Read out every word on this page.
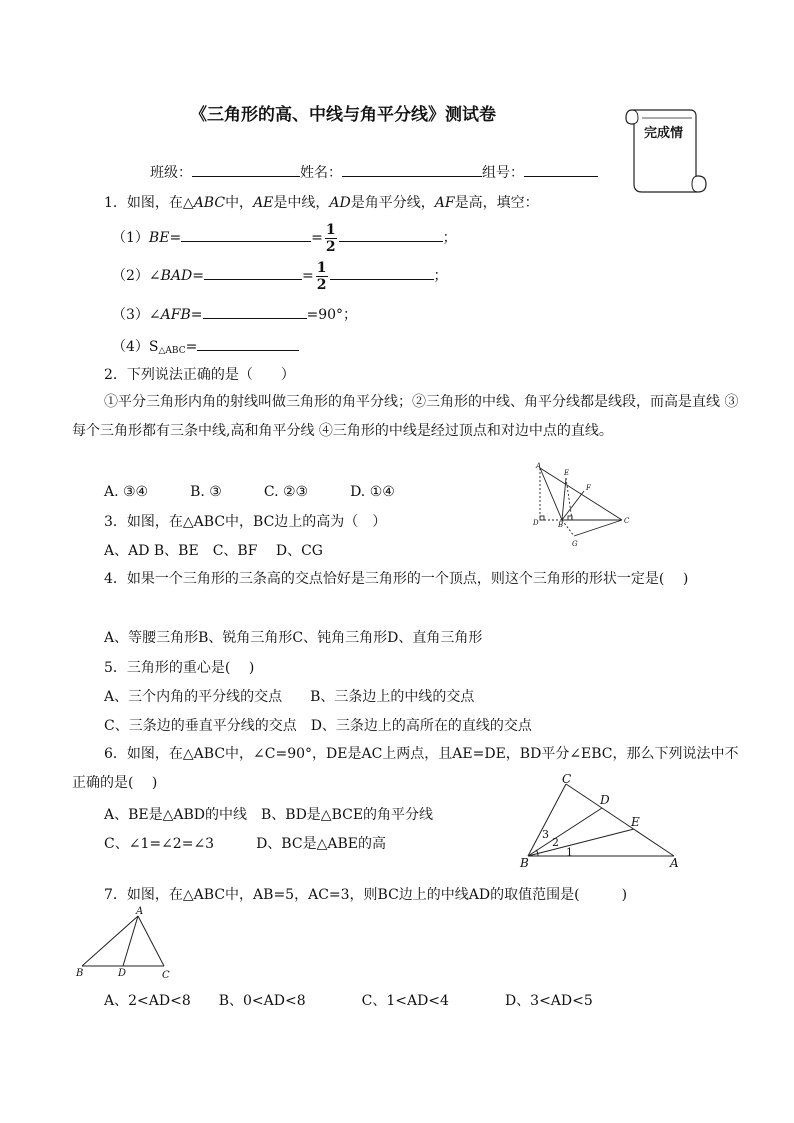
《三角形的高、中线与角平分线》测试卷
完成情
班级：	姓名：	组号：
1．如图，在△ABC中，AE是中线，AD是角平分线，AF是高，填空：
（1）BE=	= $\frac{1}{2}$	；
（2）∠BAD=	= $\frac{1}{2}$	；
（3）∠AFB=	=90°；
$(4)S_{\triangle ABC}=$
2．下列说法正确的是（　　）
①平分三角形内角的射线叫做三角形的角平分线；②三角形的中线、角平分线都是线段，而高是直线 ③每个三角形都有三条中线,高和角平分线 ④三角形的中线是经过顶点和对边中点的直线。
A. ③④　　　B. ③　　　C. ②③　　　D. ①④
A
E
F
D	B	C
G
3．如图，在△ABC中，BC边上的高为（　）
A、AD B、BE　C、BF　 D、CG
4．如果一个三角形的三条高的交点恰好是三角形的一个顶点，则这个三角形的形状一定是(　 )
A、等腰三角形B、锐角三角形C、钝角三角形D、直角三角形
5．三角形的重心是(　 )
A、三个内角的平分线的交点　　B、三条边上的中线的交点
C、三条边的垂直平分线的交点　D、三条边上的高所在的直线的交点
6．如图，在△ABC中，∠C=90°，DE是AC上两点，且AE=DE，BD平分∠EBC，那么下列说法中不正确的是(　 )
A、BE是△ABD的中线　B、BD是△BCE的角平分线
C、∠1=∠2=∠3　　　D、BC是△ABE的高
C
D
E
B	A
1
2
3
7．如图，在△ABC中，AB=5，AC=3，则BC边上的中线AD的取值范围是(　　　)
A
B	D	C
A、2<AD<8　　B、0<AD<8　　　　C、1<AD<4　　　　D、3<AD<5
